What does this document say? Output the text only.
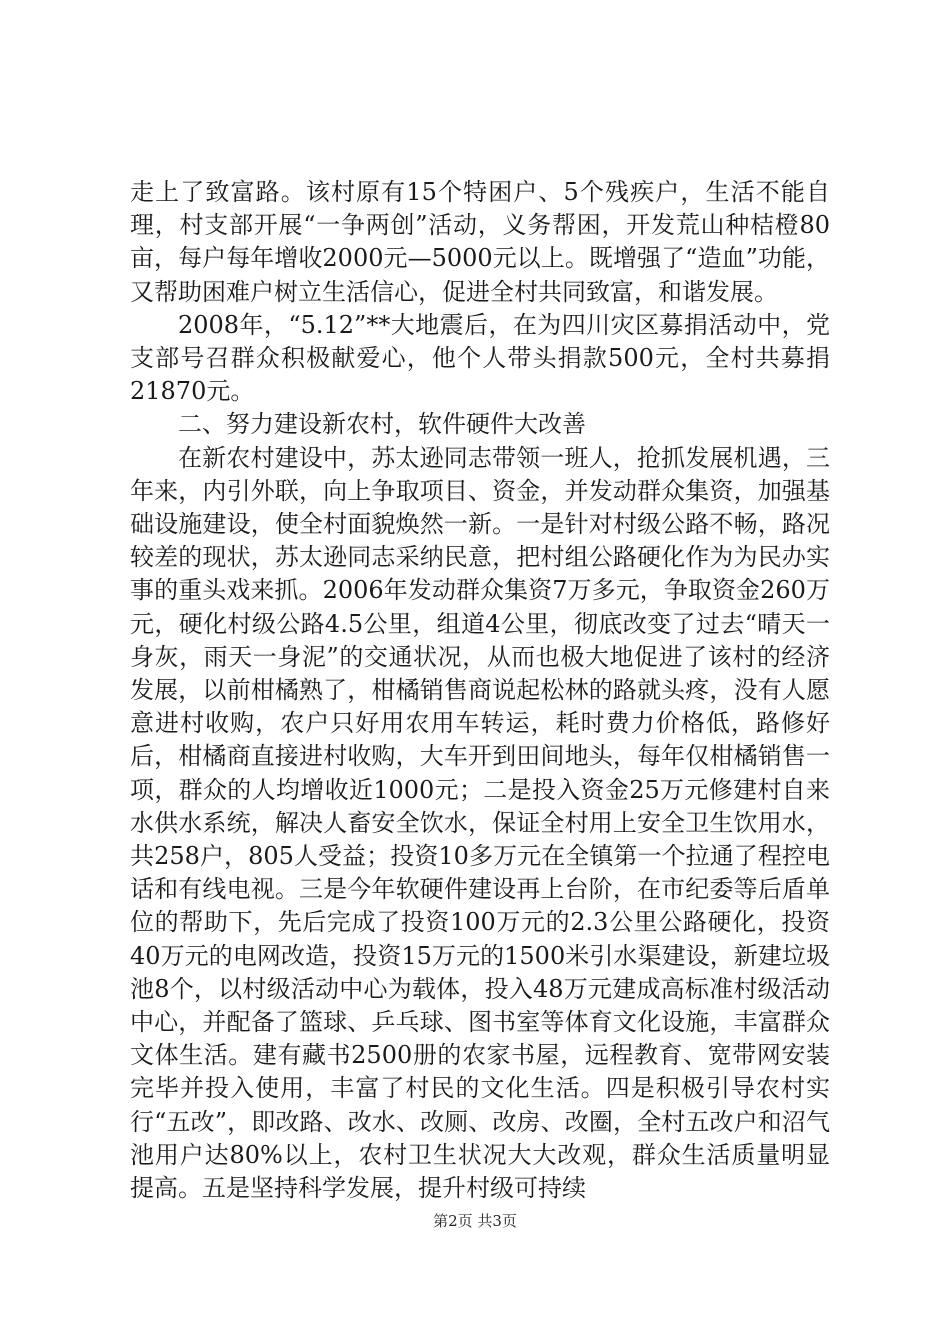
走上了致富路。该村原有15个特困户、5个残疾户，生活不能自理，村支部开展“一争两创”活动，义务帮困，开发荒山种桔橙80亩，每户每年增收2000元—5000元以上。既增强了“造血”功能，又帮助困难户树立生活信心，促进全村共同致富，和谐发展。

2008年，“5.12”**大地震后，在为四川灾区募捐活动中，党支部号召群众积极献爱心，他个人带头捐款500元，全村共募捐21870元。

二、努力建设新农村，软件硬件大改善

在新农村建设中，苏太逊同志带领一班人，抢抓发展机遇，三年来，内引外联，向上争取项目、资金，并发动群众集资，加强基础设施建设，使全村面貌焕然一新。一是针对村级公路不畅，路况较差的现状，苏太逊同志采纳民意，把村组公路硬化作为为民办实事的重头戏来抓。2006年发动群众集资7万多元，争取资金260万元，硬化村级公路4.5公里，组道4公里，彻底改变了过去“晴天一身灰，雨天一身泥”的交通状况，从而也极大地促进了该村的经济发展，以前柑橘熟了，柑橘销售商说起松林的路就头疼，没有人愿意进村收购，农户只好用农用车转运，耗时费力价格低，路修好后，柑橘商直接进村收购，大车开到田间地头，每年仅柑橘销售一项，群众的人均增收近1000元；二是投入资金25万元修建村自来水供水系统，解决人畜安全饮水，保证全村用上安全卫生饮用水，共258户，805人受益；投资10多万元在全镇第一个拉通了程控电话和有线电视。三是今年软硬件建设再上台阶，在市纪委等后盾单位的帮助下，先后完成了投资100万元的2.3公里公路硬化，投资40万元的电网改造，投资15万元的1500米引水渠建设，新建垃圾池8个，以村级活动中心为载体，投入48万元建成高标准村级活动中心，并配备了篮球、乒乓球、图书室等体育文化设施，丰富群众文体生活。建有藏书2500册的农家书屋，远程教育、宽带网安装完毕并投入使用，丰富了村民的文化生活。四是积极引导农村实行“五改”，即改路、改水、改厕、改房、改圈，全村五改户和沼气池用户达80%以上，农村卫生状况大大改观，群众生活质量明显提高。五是坚持科学发展，提升村级可持续

第2页 共3页
